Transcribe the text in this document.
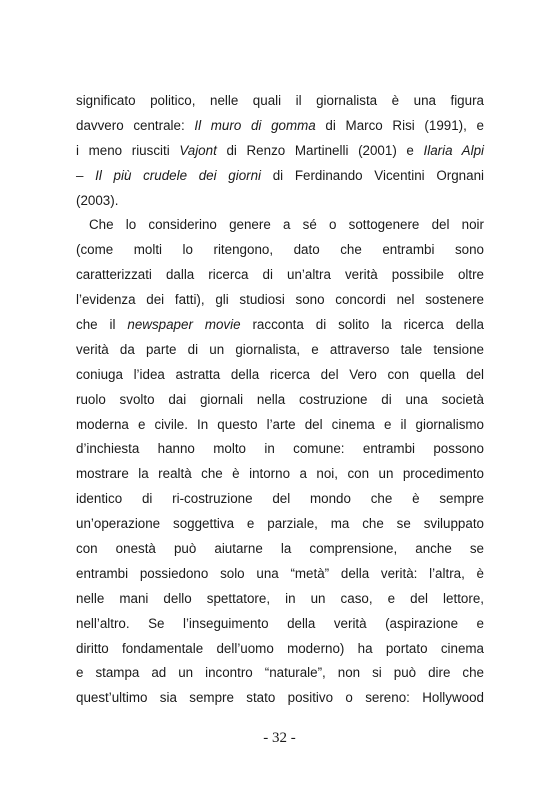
significato politico, nelle quali il giornalista è una figura
davvero centrale: Il muro di gomma di Marco Risi (1991), e
i meno riusciti Vajont di Renzo Martinelli (2001) e Ilaria Alpi
– Il più crudele dei giorni di Ferdinando Vicentini Orgnani
(2003).
Che lo considerino genere a sé o sottogenere del noir
(come molti lo ritengono, dato che entrambi sono
caratterizzati dalla ricerca di un’altra verità possibile oltre
l’evidenza dei fatti), gli studiosi sono concordi nel sostenere
che il newspaper movie racconta di solito la ricerca della
verità da parte di un giornalista, e attraverso tale tensione
coniuga l’idea astratta della ricerca del Vero con quella del
ruolo svolto dai giornali nella costruzione di una società
moderna e civile. In questo l’arte del cinema e il giornalismo
d’inchiesta hanno molto in comune: entrambi possono
mostrare la realtà che è intorno a noi, con un procedimento
identico di ri-costruzione del mondo che è sempre
un’operazione soggettiva e parziale, ma che se sviluppato
con onestà può aiutarne la comprensione, anche se
entrambi possiedono solo una “metà” della verità: l’altra, è
nelle mani dello spettatore, in un caso, e del lettore,
nell’altro. Se l’inseguimento della verità (aspirazione e
diritto fondamentale dell’uomo moderno) ha portato cinema
e stampa ad un incontro “naturale”, non si può dire che
quest’ultimo sia sempre stato positivo o sereno: Hollywood
- 32 -
